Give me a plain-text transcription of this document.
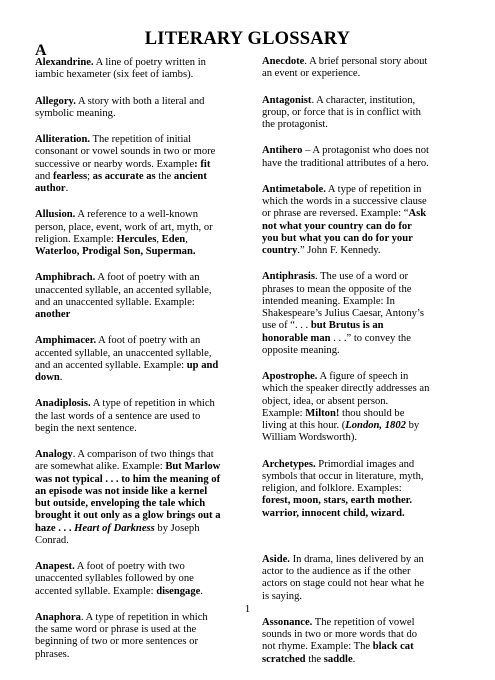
LITERARY GLOSSARY
A

Alexandrine. A line of poetry written in iambic hexameter (six feet of iambs).

Allegory. A story with both a literal and symbolic meaning.

Alliteration. The repetition of initial consonant or vowel sounds in two or more successive or nearby words. Example: fit and fearless; as accurate as the ancient author.

Allusion. A reference to a well-known person, place, event, work of art, myth, or religion. Example: Hercules, Eden, Waterloo, Prodigal Son, Superman.

Amphibrach. A foot of poetry with an unaccented syllable, an accented syllable, and an unaccented syllable. Example: another

Amphimacer. A foot of poetry with an accented syllable, an unaccented syllable, and an accented syllable. Example: up and down.

Anadiplosis. A type of repetition in which the last words of a sentence are used to begin the next sentence.

Analogy. A comparison of two things that are somewhat alike. Example: But Marlow was not typical . . . to him the meaning of an episode was not inside like a kernel but outside, enveloping the tale which brought it out only as a glow brings out a haze . . . Heart of Darkness by Joseph Conrad.

Anapest. A foot of poetry with two unaccented syllables followed by one accented syllable. Example: disengage.

Anaphora. A type of repetition in which the same word or phrase is used at the beginning of two or more sentences or phrases.

Anecdote. A brief personal story about an event or experience.

Antagonist. A character, institution, group, or force that is in conflict with the protagonist.

Antihero – A protagonist who does not have the traditional attributes of a hero.

Antimetabole. A type of repetition in which the words in a successive clause or phrase are reversed. Example: “Ask not what your country can do for you but what you can do for your country.” John F. Kennedy.

Antiphrasis. The use of a word or phrases to mean the opposite of the intended meaning. Example: In Shakespeare’s Julius Caesar, Antony’s use of “. . . but Brutus is an honorable man . . .” to convey the opposite meaning.

Apostrophe. A figure of speech in which the speaker directly addresses an object, idea, or absent person. Example: Milton! thou should be living at this hour. (London, 1802 by William Wordsworth).

Archetypes. Primordial images and symbols that occur in literature, myth, religion, and folklore. Examples: forest, moon, stars, earth mother. warrior, innocent child, wizard.

Aside. In drama, lines delivered by an actor to the audience as if the other actors on stage could not hear what he is saying.

Assonance. The repetition of vowel sounds in two or more words that do not rhyme. Example: The black cat scratched the saddle.

1
